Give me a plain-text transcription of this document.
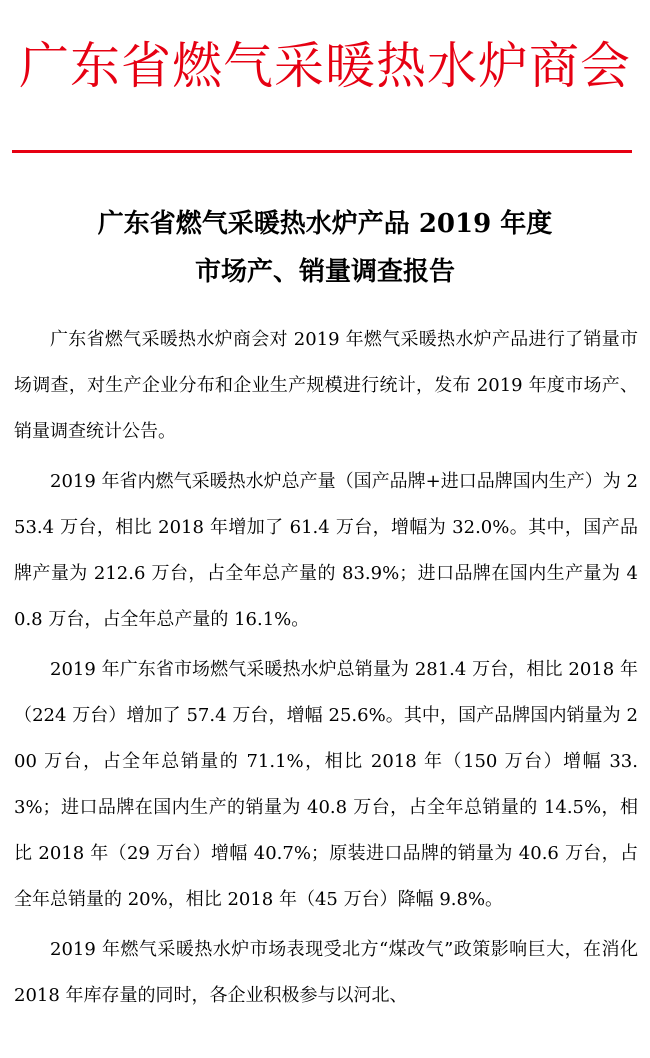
广东省燃气采暖热水炉商会
广东省燃气采暖热水炉产品 2019 年度
市场产、销量调查报告

广东省燃气采暖热水炉商会对 2019 年燃气采暖热水炉产品进行了销量市场调查，对生产企业分布和企业生产规模进行统计，发布 2019 年度市场产、销量调查统计公告。

2019 年省内燃气采暖热水炉总产量（国产品牌+进口品牌国内生产）为 253.4 万台，相比 2018 年增加了 61.4 万台，增幅为 32.0%。其中，国产品牌产量为 212.6 万台，占全年总产量的 83.9%；进口品牌在国内生产量为 40.8 万台，占全年总产量的 16.1%。

2019 年广东省市场燃气采暖热水炉总销量为 281.4 万台，相比 2018 年（224 万台）增加了 57.4 万台，增幅 25.6%。其中，国产品牌国内销量为 200 万台，占全年总销量的 71.1%，相比 2018 年（150 万台）增幅 33.3%；进口品牌在国内生产的销量为 40.8 万台，占全年总销量的 14.5%，相比 2018 年（29 万台）增幅 40.7%；原装进口品牌的销量为 40.6 万台，占全年总销量的 20%，相比 2018 年（45 万台）降幅 9.8%。

2019 年燃气采暖热水炉市场表现受北方“煤改气”政策影响巨大，在消化 2018 年库存量的同时，各企业积极参与以河北、
